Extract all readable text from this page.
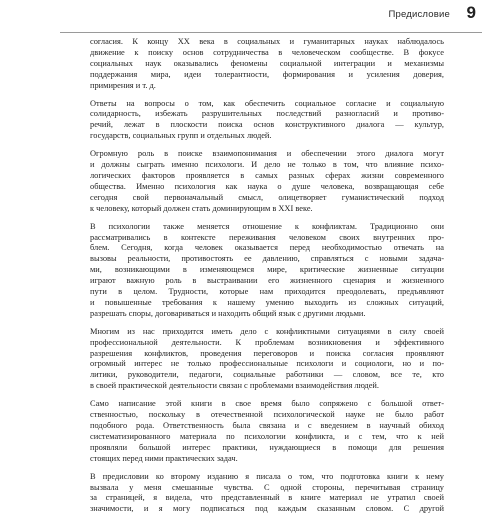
Предисловие 9
согласия. К концу XX века в социальных и гуманитарных науках наблюдалось
движение к поиску основ сотрудничества в человеческом сообществе. В фокусе
социальных наук оказывались феномены социальной интеграции и механизмы
поддержания мира, идеи толерантности, формирования и усиления доверия,
примирения и т. д.
Ответы на вопросы о том, как обеспечить социальное согласие и социальную
солидарность, избежать разрушительных последствий разногласий и противо-
речий, лежат в плоскости поиска основ конструктивного диалога — культур,
государств, социальных групп и отдельных людей.
Огромную роль в поиске взаимопонимания и обеспечении этого диалога могут
и должны сыграть именно психологи. И дело не только в том, что влияние психо-
логических факторов проявляется в самых разных сферах жизни современного
общества. Именно психология как наука о душе человека, возвращающая себе
сегодня свой первоначальный смысл, олицетворяет гуманистический подход
к человеку, который должен стать доминирующим в XXI веке.
В психологии также меняется отношение к конфликтам. Традиционно они
рассматривались в контексте переживания человеком своих внутренних про-
блем. Сегодня, когда человек оказывается перед необходимостью отвечать на
вызовы реальности, противостоять ее давлению, справляться с новыми задача-
ми, возникающими в изменяющемся мире, критические жизненные ситуации
играют важную роль в выстраивании его жизненного сценария и жизненного
пути в целом. Трудности, которые нам приходится преодолевать, предъявляют
и повышенные требования к нашему умению выходить из сложных ситуаций,
разрешать споры, договариваться и находить общий язык с другими людьми.
Многим из нас приходится иметь дело с конфликтными ситуациями в силу своей
профессиональной деятельности. К проблемам возникновения и эффективного
разрешения конфликтов, проведения переговоров и поиска согласия проявляют
огромный интерес не только профессиональные психологи и социологи, но и по-
литики, руководители, педагоги, социальные работники — словом, все те, кто
в своей практической деятельности связан с проблемами взаимодействия людей.
Само написание этой книги в свое время было сопряжено с большой ответ-
ственностью, поскольку в отечественной психологической науке не было работ
подобного рода. Ответственность была связана и с введением в научный обиход
систематизированного материала по психологии конфликта, и с тем, что к ней
проявляли большой интерес практики, нуждающиеся в помощи для решения
стоящих перед ними практических задач.
В предисловии ко второму изданию я писала о том, что подготовка книги к нему
вызвала у меня смешанные чувства. С одной стороны, перечитывая страницу
за страницей, я видела, что представленный в книге материал не утратил своей
значимости, и я могу подписаться под каждым сказанным словом. С другой
